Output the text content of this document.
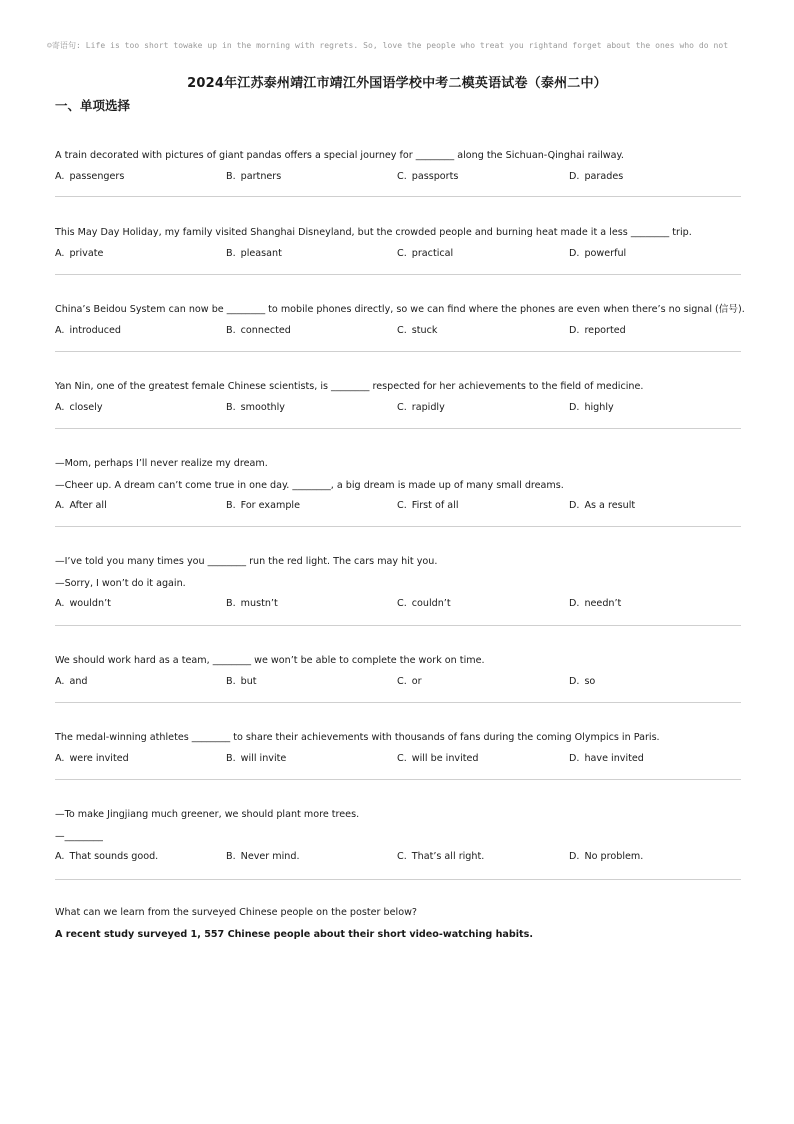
☺寄语句: Life is too short towake up in the morning with regrets. So, love the people who treat you rightand forget about the ones who do not
2024年江苏泰州靖江市靖江外国语学校中考二模英语试卷（泰州二中）
一、单项选择
A train decorated with pictures of giant pandas offers a special journey for ________ along the Sichuan-Qinghai railway.
A. passengers	B. partners	C. passports	D. parades
This May Day Holiday, my family visited Shanghai Disneyland, but the crowded people and burning heat made it a less ________ trip.
A. private	B. pleasant	C. practical	D. powerful
China’s Beidou System can now be ________ to mobile phones directly, so we can find where the phones are even when there’s no signal (信号).
A. introduced	B. connected	C. stuck	D. reported
Yan Nin, one of the greatest female Chinese scientists, is ________ respected for her achievements to the field of medicine.
A. closely	B. smoothly	C. rapidly	D. highly
—Mom, perhaps I’ll never realize my dream.
—Cheer up. A dream can’t come true in one day. ________, a big dream is made up of many small dreams.
A. After all	B. For example	C. First of all	D. As a result
—I’ve told you many times you ________ run the red light. The cars may hit you.
—Sorry, I won’t do it again.
A. wouldn’t	B. mustn’t	C. couldn’t	D. needn’t
We should work hard as a team, ________ we won’t be able to complete the work on time.
A. and	B. but	C. or	D. so
The medal-winning athletes ________ to share their achievements with thousands of fans during the coming Olympics in Paris.
A. were invited	B. will invite	C. will be invited	D. have invited
—To make Jingjiang much greener, we should plant more trees.
—________
A. That sounds good.	B. Never mind.	C. That’s all right.	D. No problem.
What can we learn from the surveyed Chinese people on the poster below?
A recent study surveyed 1, 557 Chinese people about their short video-watching habits.
